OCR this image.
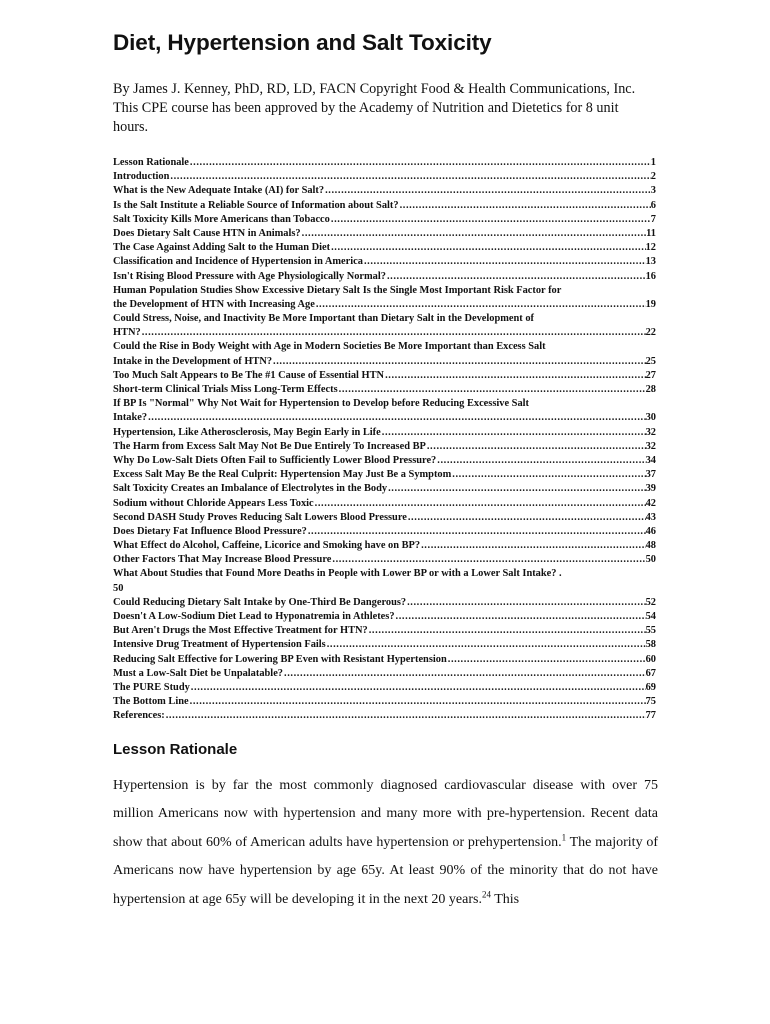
Diet, Hypertension and Salt Toxicity

By James J. Kenney, PhD, RD, LD, FACN Copyright Food & Health Communications, Inc. This CPE course has been approved by the Academy of Nutrition and Dietetics for 8 unit hours.

Lesson Rationale .....	1
Introduction .....	2
What is the New Adequate Intake (AI) for Salt? .....	3
Is the Salt Institute a Reliable Source of Information about Salt? .....	6
Salt Toxicity Kills More Americans than Tobacco .....	7
Does Dietary Salt Cause HTN in Animals? .....	11
The Case Against Adding Salt to the Human Diet .....	12
Classification and Incidence of Hypertension in America .....	13
Isn't Rising Blood Pressure with Age Physiologically Normal? .....	16
Human Population Studies Show Excessive Dietary Salt Is the Single Most Important Risk Factor for
the Development of HTN with Increasing Age .....	19
Could Stress, Noise, and Inactivity Be More Important than Dietary Salt in the Development of
HTN? .....	22
Could the Rise in Body Weight with Age in Modern Societies Be More Important than Excess Salt
Intake in the Development of HTN? .....	25
Too Much Salt Appears to Be The #1 Cause of Essential HTN .....	27
Short-term Clinical Trials Miss Long-Term Effects .....	28
If BP Is "Normal" Why Not Wait for Hypertension to Develop before Reducing Excessive Salt
Intake? .....	30
Hypertension, Like Atherosclerosis, May Begin Early in Life .....	32
The Harm from Excess Salt May Not Be Due Entirely To Increased BP .....	32
Why Do Low-Salt Diets Often Fail to Sufficiently Lower Blood Pressure? .....	34
Excess Salt May Be the Real Culprit: Hypertension May Just Be a Symptom .....	37
Salt Toxicity Creates an Imbalance of Electrolytes in the Body .....	39
Sodium without Chloride Appears Less Toxic .....	42
Second DASH Study Proves Reducing Salt Lowers Blood Pressure .....	43
Does Dietary Fat Influence Blood Pressure? .....	46
What Effect do Alcohol, Caffeine, Licorice and Smoking have on BP? .....	48
Other Factors That May Increase Blood Pressure .....	50
What About Studies that Found More Deaths in People with Lower BP or with a Lower Salt Intake? .
50
Could Reducing Dietary Salt Intake by One-Third Be Dangerous? .....	52
Doesn't A Low-Sodium Diet Lead to Hyponatremia in Athletes? .....	54
But Aren't Drugs the Most Effective Treatment for HTN? .....	55
Intensive Drug Treatment of Hypertension Fails .....	58
Reducing Salt Effective for Lowering BP Even with Resistant Hypertension .....	60
Must a Low-Salt Diet be Unpalatable? .....	67
The PURE Study .....	69
The Bottom Line .....	75
References: .....	77
Lesson Rationale

Hypertension is by far the most commonly diagnosed cardiovascular disease with over 75 million Americans now with hypertension and many more with pre-hypertension. Recent data show that about 60% of American adults have hypertension or prehypertension.$^1$ The majority of Americans now have hypertension by age 65y. At least 90% of the minority that do not have hypertension at age 65y will be developing it in the next 20 years.$^{24}$ This
